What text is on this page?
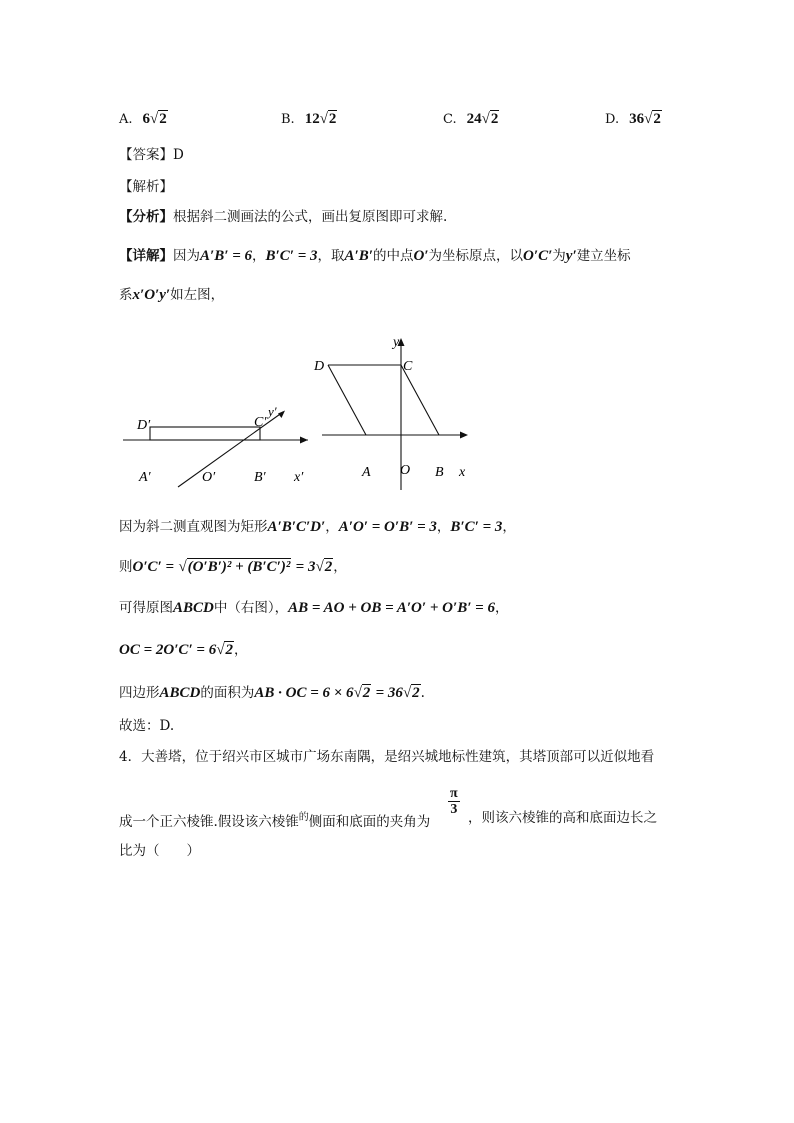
A. 6√2	B. 12√2	C. 24√2	D. 36√2
【答案】D
【解析】
【分析】根据斜二测画法的公式，画出复原图即可求解.
【详解】因为A′B′ = 6，B′C′ = 3，取A′B′的中点O′为坐标原点，以O′C′为y′建立坐标
系x′O′y′如左图，
D′	C′
y′
A′	O′	B′ x′
y
D	C
A O B x
因为斜二测直观图为矩形A′B′C′D′，A′O′ = O′B′ = 3，B′C′ = 3，
则O′C′ = √(O′B′)² + (B′C′)² = 3√2，
可得原图ABCD中（右图），AB = AO + OB = A′O′ + O′B′ = 6，
OC = 2O′C′ = 6√2，
四边形ABCD的面积为AB · OC = 6 × 6√2 = 36√2.
故选：D.
4．大善塔，位于绍兴市区城市广场东南隅，是绍兴城地标性建筑，其塔顶部可以近似地看
成一个正六棱锥.假设该六棱锥$^的$侧面和底面的夹角为
$\frac{\pi}{3}$
，则该六棱锥的高和底面边长之
比为（　　）
